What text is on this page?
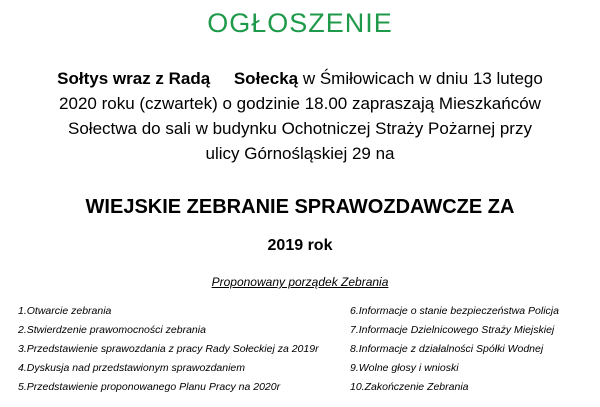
OGŁOSZENIE
Sołtys wraz z Radą Sołecką w Śmiłowicach w dniu 13 lutego
2020 roku (czwartek) o godzinie 18.00 zapraszają Mieszkańców
Sołectwa do sali w budynku Ochotniczej Straży Pożarnej przy
ulicy Górnośląskiej 29 na
WIEJSKIE ZEBRANIE SPRAWOZDAWCZE ZA
2019 rok
Proponowany porządek Zebrania
1.Otwarcie zebrania
2.Stwierdzenie prawomocności zebrania
3.Przedstawienie sprawozdania z pracy Rady Sołeckiej za 2019r
4.Dyskusja nad przedstawionym sprawozdaniem
5.Przedstawienie proponowanego Planu Pracy na 2020r
6.Informacje o stanie bezpieczeństwa Policja
7.Informacje Dzielnicowego Straży Miejskiej
8.Informacje z działalności Spółki Wodnej
9.Wolne głosy i wnioski
10.Zakończenie Zebrania
